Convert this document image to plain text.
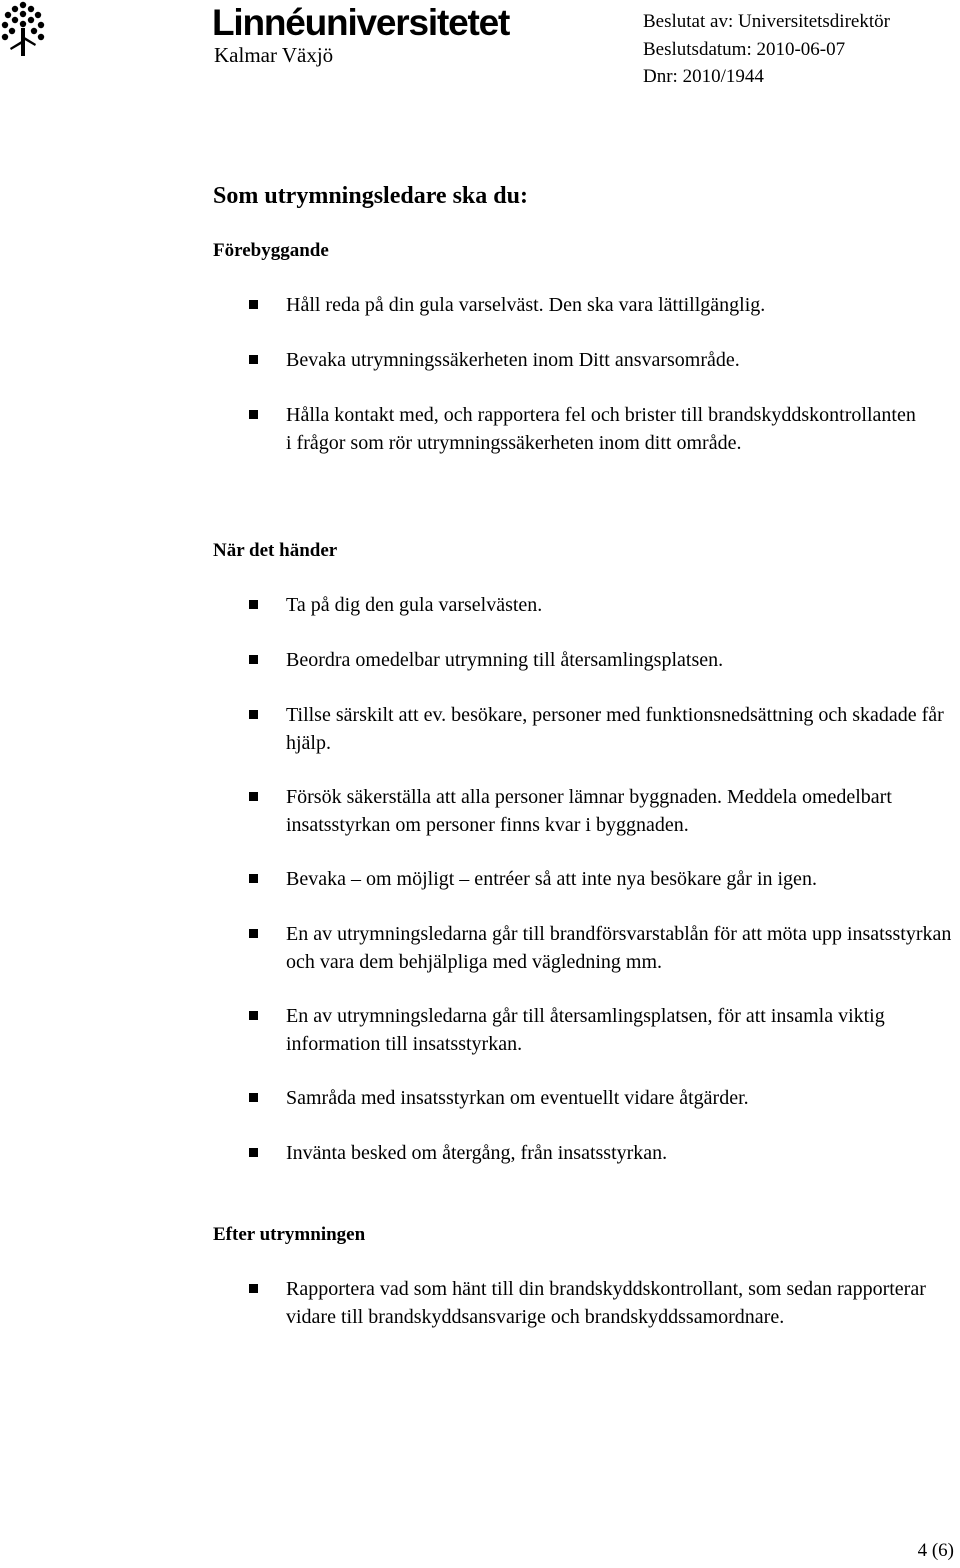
Linnéuniversitetet
Kalmar Växjö
Beslutat av: Universitetsdirektör
Beslutsdatum: 2010-06-07
Dnr: 2010/1944
Som utrymningsledare ska du:
Förebyggande
Håll reda på din gula varselväst. Den ska vara lättillgänglig.
Bevaka utrymningssäkerheten inom Ditt ansvarsområde.
Hålla kontakt med, och rapportera fel och brister till brandskyddskontrollanten i frågor som rör utrymningssäkerheten inom ditt område.
När det händer
Ta på dig den gula varselvästen.
Beordra omedelbar utrymning till återsamlingsplatsen.
Tillse särskilt att ev. besökare, personer med funktionsnedsättning och skadade får hjälp.
Försök säkerställa att alla personer lämnar byggnaden. Meddela omedelbart insatsstyrkan om personer finns kvar i byggnaden.
Bevaka – om möjligt – entréer så att inte nya besökare går in igen.
En av utrymningsledarna går till brandförsvarstablån för att möta upp insatsstyrkan och vara dem behjälpliga med vägledning mm.
En av utrymningsledarna går till återsamlingsplatsen, för att insamla viktig information till insatsstyrkan.
Samråda med insatsstyrkan om eventuellt vidare åtgärder.
Invänta besked om återgång, från insatsstyrkan.
Efter utrymningen
Rapportera vad som hänt till din brandskyddskontrollant, som sedan rapporterar vidare till brandskyddsansvarige och brandskyddssamordnare.
4 (6)
